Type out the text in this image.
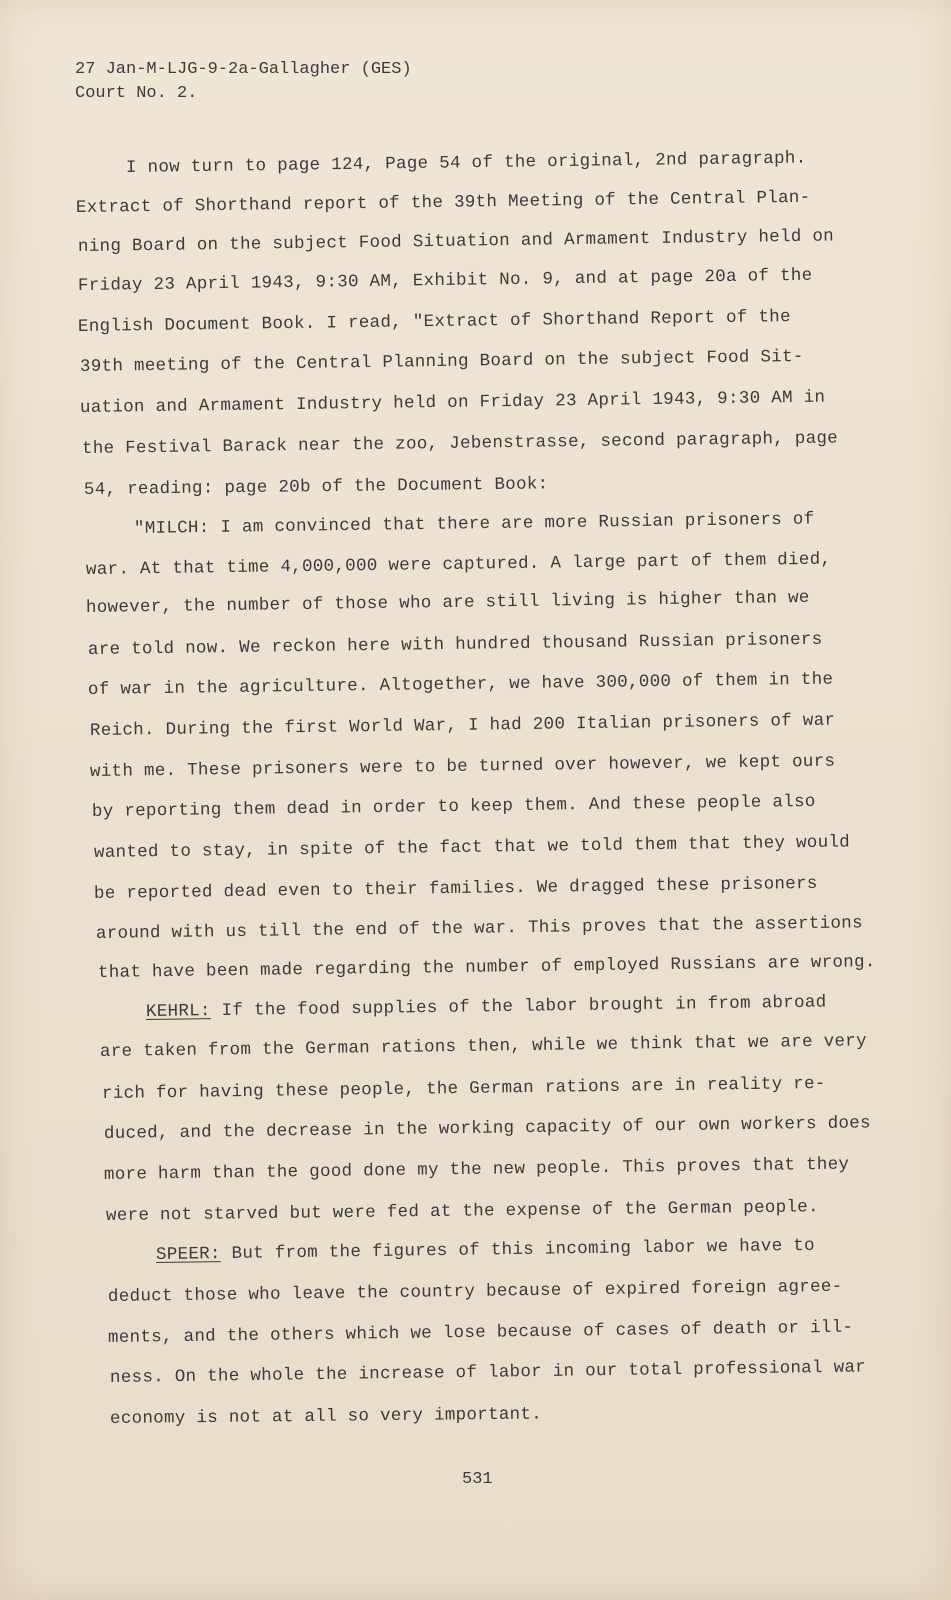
27 Jan-M-LJG-9-2a-Gallagher (GES)
Court No. 2.
I now turn to page 124, Page 54 of the original, 2nd paragraph.
Extract of Shorthand report of the 39th Meeting of the Central Plan-
ning Board on the subject Food Situation and Armament Industry held on
Friday 23 April 1943, 9:30 AM, Exhibit No. 9, and at page 20a of the
English Document Book. I read, "Extract of Shorthand Report of the
39th meeting of the Central Planning Board on the subject Food Sit-
uation and Armament Industry held on Friday 23 April 1943, 9:30 AM in
the Festival Barack near the zoo, Jebenstrasse, second paragraph, page
54, reading: page 20b of the Document Book:
"MILCH: I am convinced that there are more Russian prisoners of
war. At that time 4,000,000 were captured. A large part of them died,
however, the number of those who are still living is higher than we
are told now. We reckon here with hundred thousand Russian prisoners
of war in the agriculture. Altogether, we have 300,000 of them in the
Reich. During the first World War, I had 200 Italian prisoners of war
with me. These prisoners were to be turned over however, we kept ours
by reporting them dead in order to keep them. And these people also
wanted to stay, in spite of the fact that we told them that they would
be reported dead even to their families. We dragged these prisoners
around with us till the end of the war. This proves that the assertions
that have been made regarding the number of employed Russians are wrong.
KEHRL: If the food supplies of the labor brought in from abroad
are taken from the German rations then, while we think that we are very
rich for having these people, the German rations are in reality re-
duced, and the decrease in the working capacity of our own workers does
more harm than the good done my the new people. This proves that they
were not starved but were fed at the expense of the German people.
SPEER: But from the figures of this incoming labor we have to
deduct those who leave the country because of expired foreign agree-
ments, and the others which we lose because of cases of death or ill-
ness. On the whole the increase of labor in our total professional war
economy is not at all so very important.
531
